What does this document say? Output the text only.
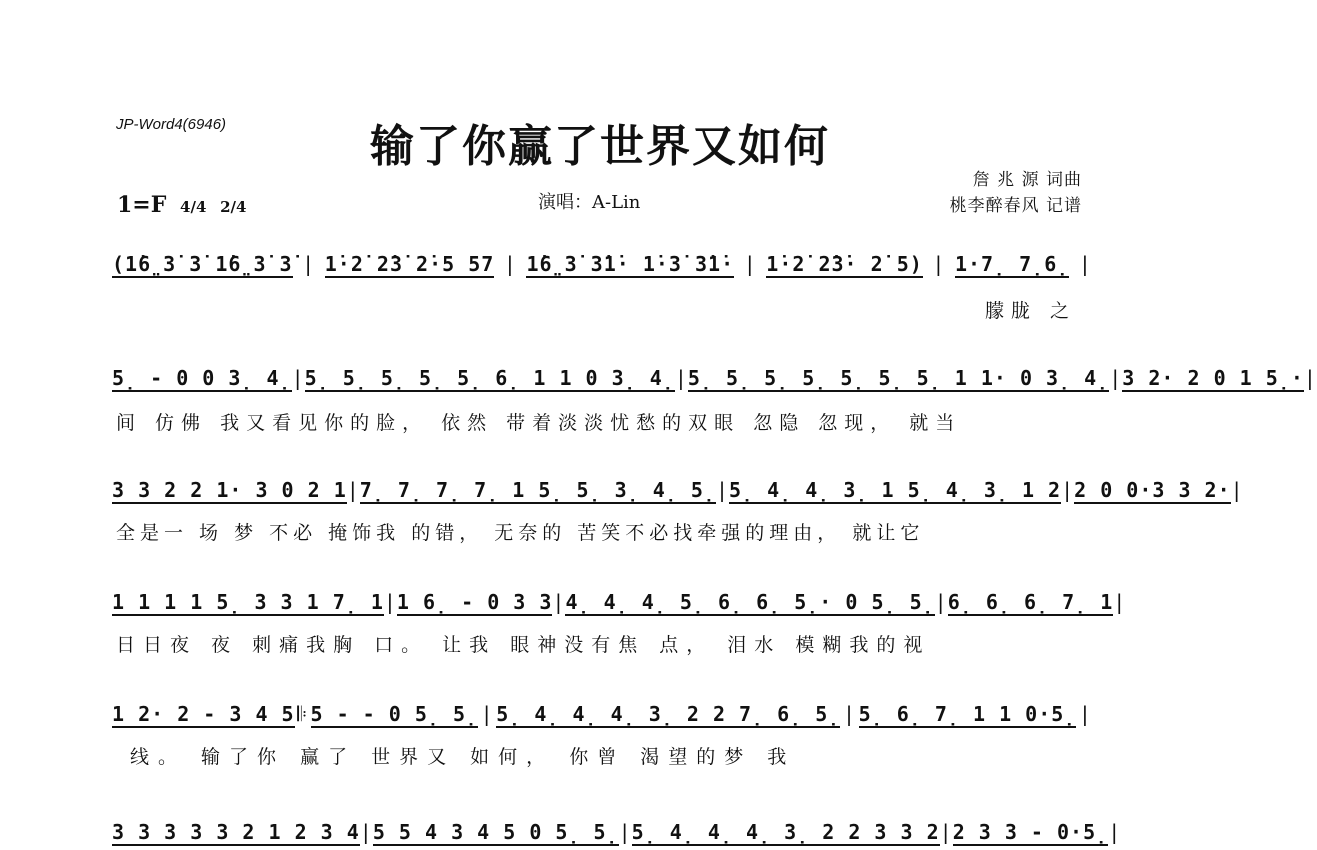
JP-Word4(6946)	输了你赢了世界又如何
詹 兆 源 词曲
桃李醉春风 记谱
1=F 4/4 2/4	演唱：A-Lin
(1̇6̤3̇ 3̇ 1̇6̤3̇ 3̇ | 1̇·2̇ 2̇3̇ 2̇·5 57 | 1̇6̤3̇ 3̇1̇· 1̇·3̇ 3̇1̇· | 1̇·2̇ 2̇3̇· 2̇ 5) | 1·7̣ 7̣6̣ |
朦胧 之
5̣ - 0 0 3̣ 4̣ | 5̣ 5̣ 5̣ 5̣ 5̣ 6̣ 1 1 0 3̣ 4̣ | 5̣ 5̣ 5̣ 5̣ 5̣ 5̣ 5̣ 1 1· 0 3̣ 4̣ | 3 2· 2 0 1 5̣· |
间 仿佛 我又看见你的脸， 依然 带着淡淡忧愁的双眼 忽隐 忽现， 就当
3 3 2 2 1· 3 0 2 1 | 7̣ 7̣ 7̣ 7̣ 1 5̣ 5̣ 3̣ 4̣ 5̣ | 5̣ 4̣ 4̣ 3̣ 1 5̣ 4̣ 3̣ 1 2 | 2 0 0·3 3 2· |
全是一 场 梦 不必 掩饰我 的错， 无奈的 苦笑不必找牵强的理由， 就让它
1 1 1 1 5̣ 3 3 1 7̣ 1 | 1 6̣ - 0 3 3 | 4̣ 4̣ 4̣ 5̣ 6̣ 6̣ 5̣· 0 5̣ 5̣ | 6̣ 6̣ 6̣ 7̣ 1 |
日日夜 夜 刺痛我胸 口。 让我 眼神没有焦 点， 泪水 模糊我的视
1 2· 2 - 3 4 5 𝄆 5 - - 0 5̣ 5̣ | 5̣ 4̣ 4̣ 4̣ 3̣ 2 2 7̣ 6̣ 5̣ | 5̣ 6̣ 7̣ 1 1 0·5̣ |
线。 输了你 赢了 世界又 如何， 你曾 渴望的梦 我
3 3 3 3 3 2 1 2 3 4 | 5 5 4 3 4 5 0 5̣ 5̣ | 5̣ 4̣ 4̣ 4̣ 3̣ 2 2 3 3 2 | 2 3 3 - 0·5̣ |
